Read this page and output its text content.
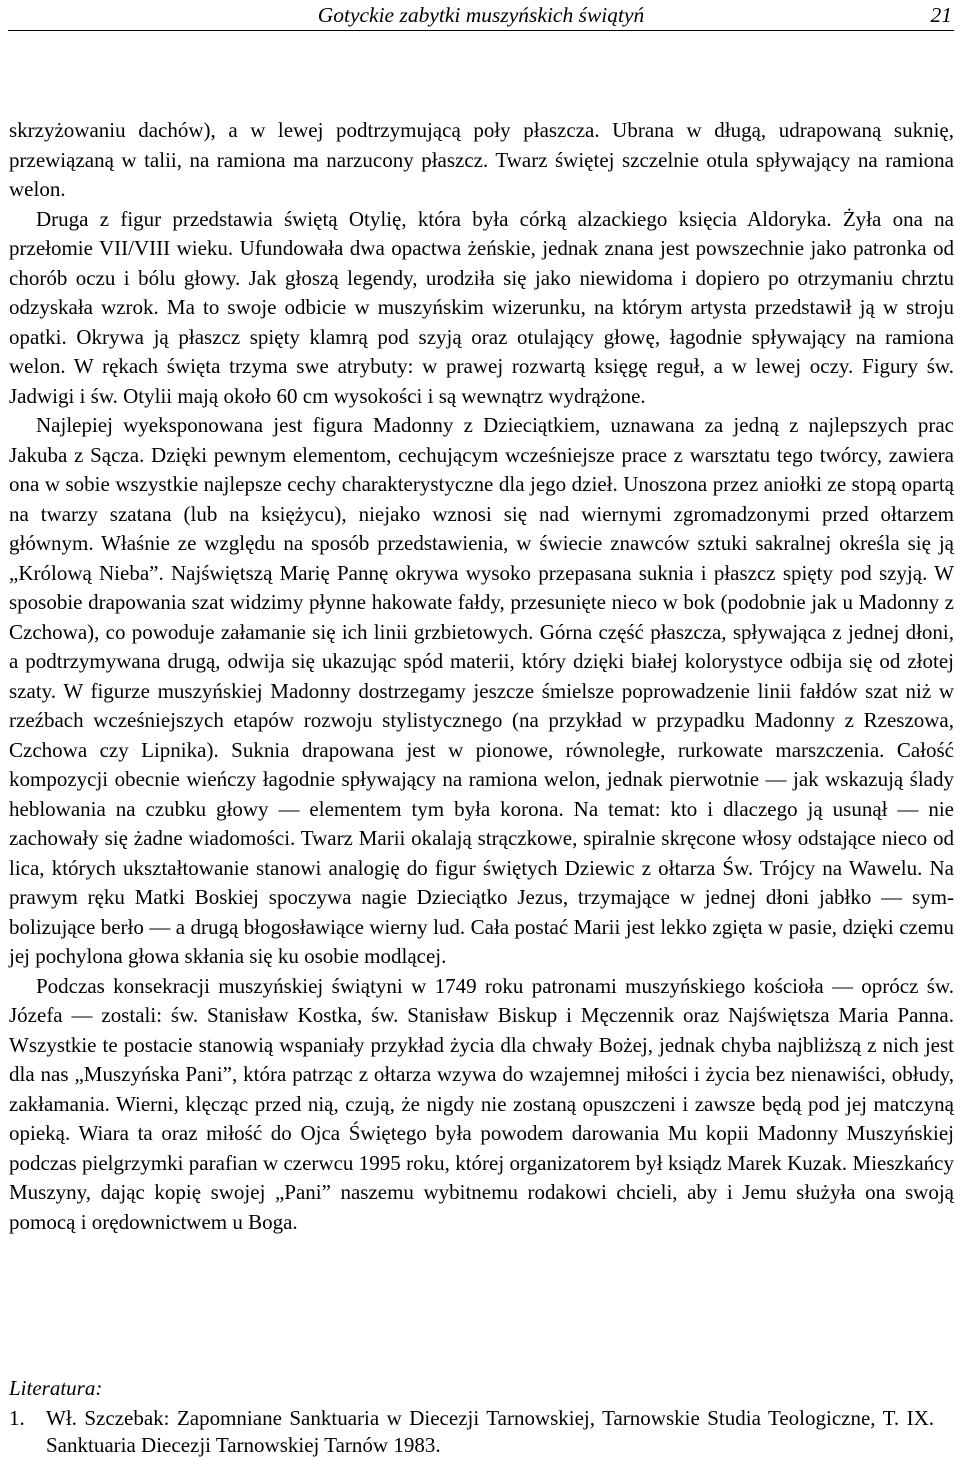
Gotyckie zabytki muszyńskich świątyń	21

skrzyżowaniu dachów), a w lewej podtrzymującą poły płaszcza. Ubrana w długą, udrapowaną suknię, przewiązaną w talii, na ramiona ma narzucony płaszcz. Twarz świętej szczelnie otula spływający na ramiona welon.

Druga z figur przedstawia świętą Otylię, która była córką alzackiego księcia Aldoryka. Żyła ona na przełomie VII/VIII wieku. Ufundowała dwa opactwa żeńskie, jednak znana jest powszechnie jako patronka od chorób oczu i bólu głowy. Jak głoszą legendy, urodziła się jako niewidoma i dopiero po otrzymaniu chrztu odzyskała wzrok. Ma to swoje odbicie w muszyńskim wizerunku, na którym artysta przedstawił ją w stroju opatki. Okrywa ją płaszcz spięty klamrą pod szyją oraz otulający głowę, łagodnie spływający na ramiona welon. W rękach święta trzyma swe atrybuty: w prawej rozwartą księgę reguł, a w lewej oczy. Figury św. Jadwigi i św. Otylii mają około 60 cm wysokości i są wewnątrz wydrążone.

Najlepiej wyeksponowana jest figura Madonny z Dzieciątkiem, uznawana za jedną z najlepszych prac Jakuba z Sącza. Dzięki pewnym elementom, cechującym wcześniejsze prace z warsztatu tego twórcy, zawiera ona w sobie wszystkie najlepsze cechy charakterystyczne dla jego dzieł. Unoszona przez aniołki ze stopą opartą na twarzy szatana (lub na księżycu), niejako wznosi się nad wiernymi zgromadzonymi przed ołtarzem głównym. Właśnie ze względu na sposób przedstawienia, w świecie znawców sztuki sakralnej określa się ją „Królową Nieba”. Najświętszą Marię Pannę okrywa wysoko przepasana suknia i płaszcz spięty pod szyją. W sposobie drapowania szat widzimy płynne hakowate fałdy, przesunięte nieco w bok (podobnie jak u Madonny z Czchowa), co powoduje załamanie się ich linii grzbietowych. Górna część płaszcza, spływająca z jednej dłoni, a podtrzymywana drugą, odwija się ukazując spód materii, który dzięki białej kolorystyce odbija się od złotej szaty. W figurze muszyńskiej Madonny dostrzegamy jeszcze śmielsze poprowadzenie linii fałdów szat niż w rzeźbach wcześniejszych etapów rozwoju stylistycznego (na przykład w przypadku Madonny z Rzeszowa, Czchowa czy Lipnika). Suknia drapowana jest w pionowe, równoległe, rurkowate marszczenia. Całość kompozycji obecnie wieńczy łagodnie spływający na ramiona welon, jednak pierwotnie — jak wskazują ślady heblowania na czubku głowy — elementem tym była korona. Na temat: kto i dlaczego ją usunął — nie zachowały się żadne wiadomości. Twarz Marii okalają strączkowe, spiralnie skręcone włosy odstające nieco od lica, których ukształtowanie stanowi analogię do figur świętych Dziewic z ołtarza Św. Trójcy na Wawelu. Na prawym ręku Matki Boskiej spoczywa nagie Dzieciątko Jezus, trzymające w jednej dłoni jabłko — symbolizujące berło — a drugą błogosławiące wierny lud. Cała postać Marii jest lekko zgięta w pasie, dzięki czemu jej pochylona głowa skłania się ku osobie modlącej.

Podczas konsekracji muszyńskiej świątyni w 1749 roku patronami muszyńskiego kościoła — oprócz św. Józefa — zostali: św. Stanisław Kostka, św. Stanisław Biskup i Męczennik oraz Najświętsza Maria Panna. Wszystkie te postacie stanowią wspaniały przykład życia dla chwały Bożej, jednak chyba najbliższą z nich jest dla nas „Muszyńska Pani”, która patrząc z ołtarza wzywa do wzajemnej miłości i życia bez nienawiści, obłudy, zakłamania. Wierni, klęcząc przed nią, czują, że nigdy nie zostaną opuszczeni i zawsze będą pod jej matczyną opieką. Wiara ta oraz miłość do Ojca Świętego była powodem darowania Mu kopii Madonny Muszyńskiej podczas pielgrzymki parafian w czerwcu 1995 roku, której organizatorem był ksiądz Marek Kuzak. Mieszkańcy Muszyny, dając kopię swojej „Pani” naszemu wybitnemu rodakowi chcieli, aby i Jemu służyła ona swoją pomocą i orędownictwem u Boga.

Literatura:
1. Wł. Szczebak: Zapomniane Sanktuaria w Diecezji Tarnowskiej, Tarnowskie Studia Teologiczne, T. IX. Sanktuaria Diecezji Tarnowskiej Tarnów 1983.
